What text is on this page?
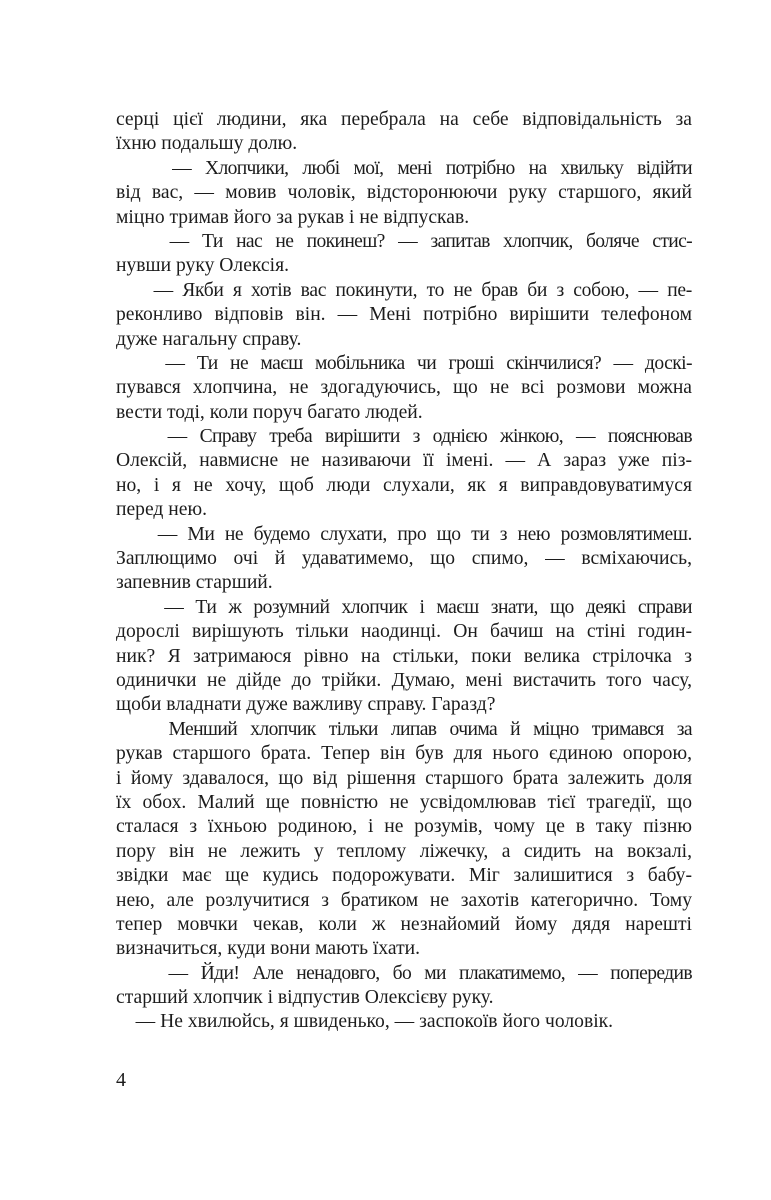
серці цієї людини, яка перебрала на себе відповідальність за
їхню подальшу долю.
— Хлопчики, любі мої, мені потрібно на хвильку відійти
від вас, — мовив чоловік, відсторонюючи руку старшого, який
міцно тримав його за рукав і не відпускав.
— Ти нас не покинеш? — запитав хлопчик, боляче стис-
нувши руку Олексія.
— Якби я хотів вас покинути, то не брав би з собою, — пе-
реконливо відповів він. — Мені потрібно вирішити телефоном
дуже нагальну справу.
— Ти не маєш мобільника чи гроші скінчилися? — доскі-
пувався хлопчина, не здогадуючись, що не всі розмови можна
вести тоді, коли поруч багато людей.
— Справу треба вирішити з однією жінкою, — пояснював
Олексій, навмисне не називаючи її імені. — А зараз уже піз-
но, і я не хочу, щоб люди слухали, як я виправдовуватимуся
перед нею.
— Ми не будемо слухати, про що ти з нею розмовлятимеш.
Заплющимо очі й удаватимемо, що спимо, — всміхаючись,
запевнив старший.
— Ти ж розумний хлопчик і маєш знати, що деякі справи
дорослі вирішують тільки наодинці. Он бачиш на стіні годин-
ник? Я затримаюся рівно на стільки, поки велика стрілочка з
одинички не дійде до трійки. Думаю, мені вистачить того часу,
щоби владнати дуже важливу справу. Гаразд?
Менший хлопчик тільки липав очима й міцно тримався за
рукав старшого брата. Тепер він був для нього єдиною опорою,
і йому здавалося, що від рішення старшого брата залежить доля
їх обох. Малий ще повністю не усвідомлював тієї трагедії, що
сталася з їхньою родиною, і не розумів, чому це в таку пізню
пору він не лежить у теплому ліжечку, а сидить на вокзалі,
звідки має ще кудись подорожувати. Міг залишитися з бабу-
нею, але розлучитися з братиком не захотів категорично. Тому
тепер мовчки чекав, коли ж незнайомий йому дядя нарешті
визначиться, куди вони мають їхати.
— Йди! Але ненадовго, бо ми плакатимемо, — попередив
старший хлопчик і відпустив Олексієву руку.
— Не хвилюйсь, я швиденько, — заспокоїв його чоловік.
4
